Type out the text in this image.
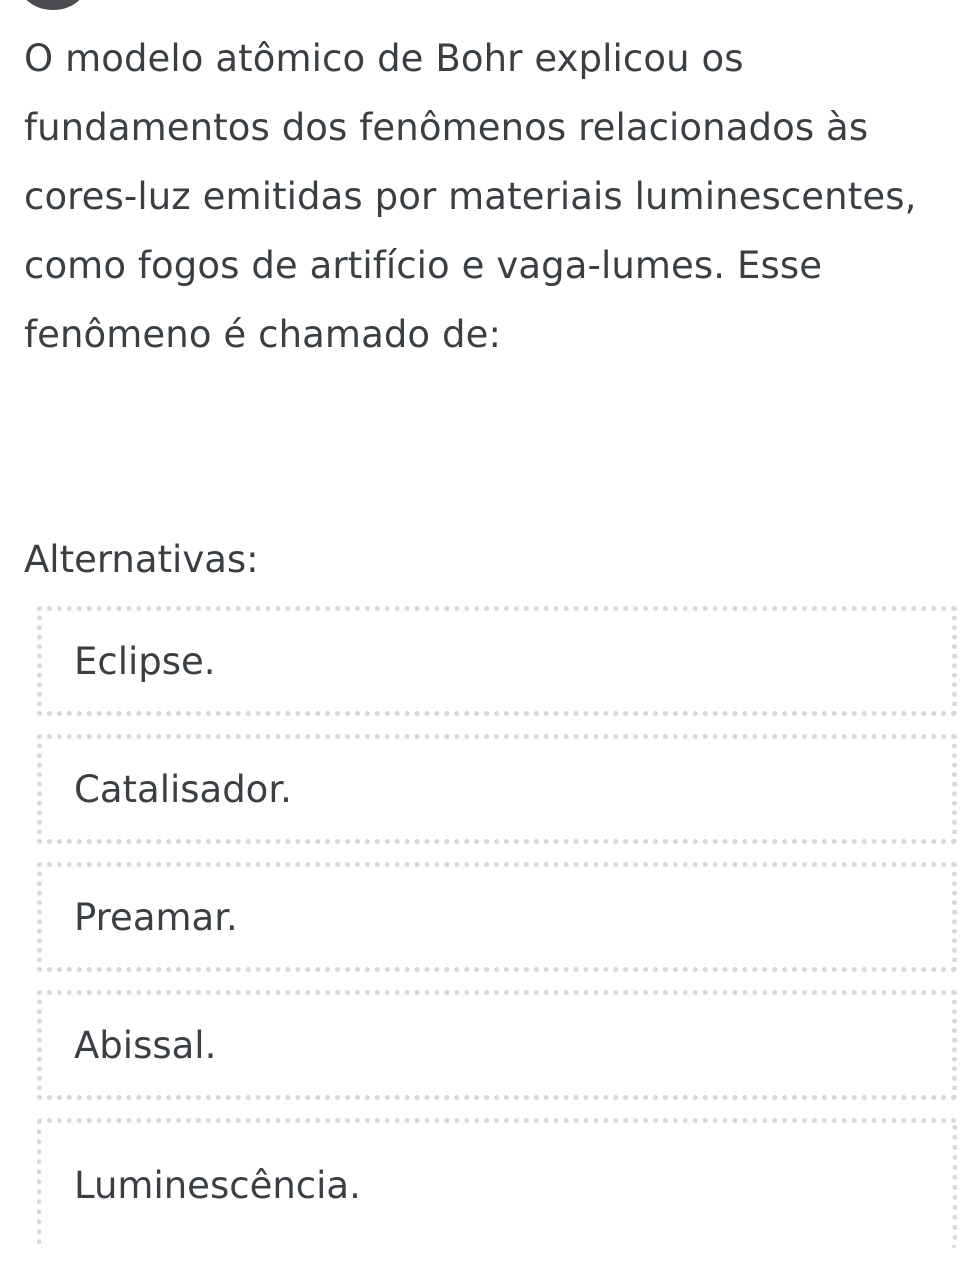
O modelo atômico de Bohr explicou os fundamentos dos fenômenos relacionados às cores-luz emitidas por materiais luminescentes, como fogos de artifício e vaga-lumes. Esse fenômeno é chamado de:

Alternativas:
Eclipse.
Catalisador.
Preamar.
Abissal.
Luminescência.
